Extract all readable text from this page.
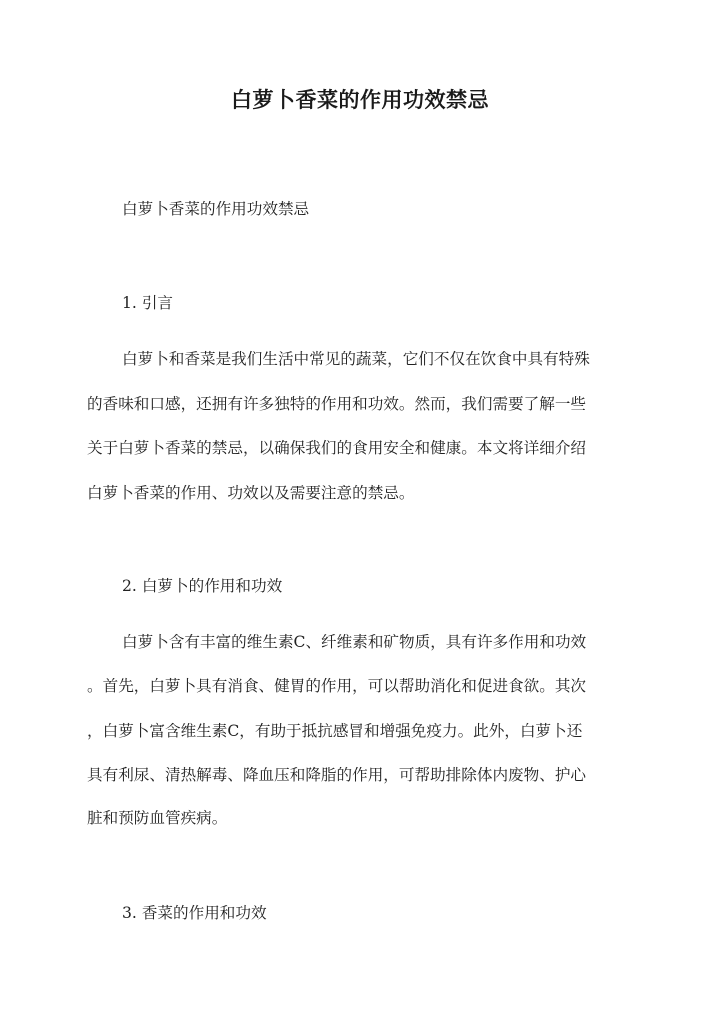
白萝卜香菜的作用功效禁忌
白萝卜香菜的作用功效禁忌
1. 引言
白萝卜和香菜是我们生活中常见的蔬菜，它们不仅在饮食中具有特殊
的香味和口感，还拥有许多独特的作用和功效。然而，我们需要了解一些
关于白萝卜香菜的禁忌，以确保我们的食用安全和健康。本文将详细介绍
白萝卜香菜的作用、功效以及需要注意的禁忌。
2. 白萝卜的作用和功效
白萝卜含有丰富的维生素C、纤维素和矿物质，具有许多作用和功效
。首先，白萝卜具有消食、健胃的作用，可以帮助消化和促进食欲。其次
，白萝卜富含维生素C，有助于抵抗感冒和增强免疫力。此外，白萝卜还
具有利尿、清热解毒、降血压和降脂的作用，可帮助排除体内废物、护心
脏和预防血管疾病。
3. 香菜的作用和功效
